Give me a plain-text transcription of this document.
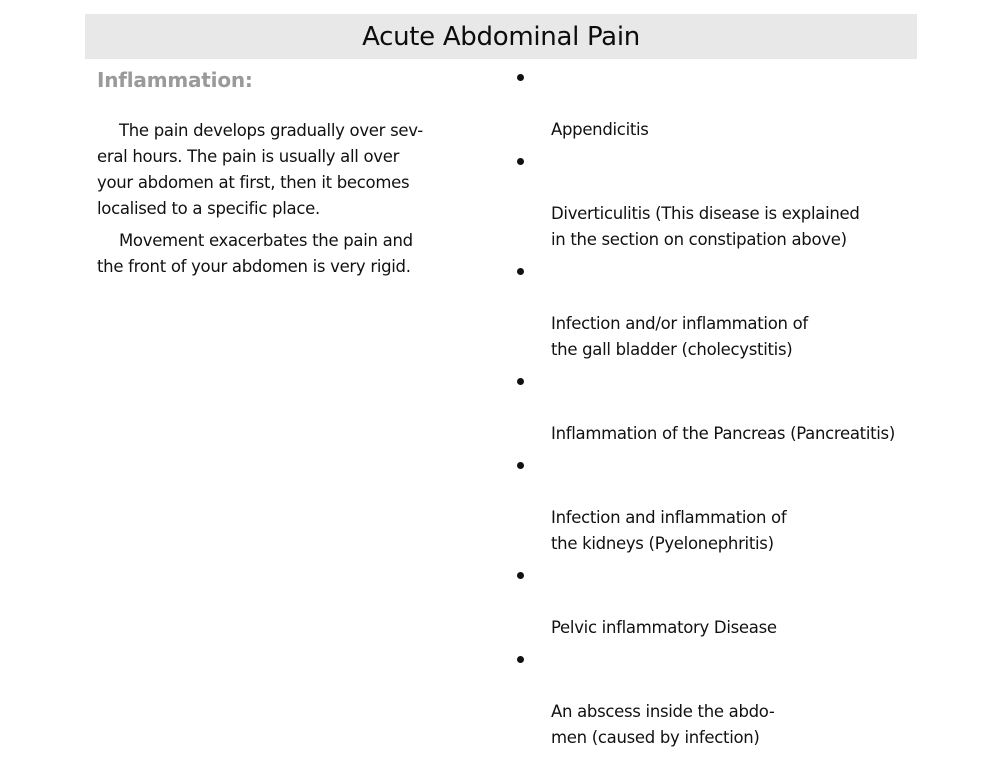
Acute Abdominal Pain
Inflammation:

The pain develops gradually over sev-
eral hours. The pain is usually all over
your abdomen at first, then it becomes
localised to a specific place.

Movement exacerbates the pain and
the front of your abdomen is very rigid.

Appendicitis

Diverticulitis (This disease is explained
in the section on constipation above)

Infection and/or inflammation of
the gall bladder (cholecystitis)

Inflammation of the Pancreas (Pancreatitis)

Infection and inflammation of
the kidneys (Pyelonephritis)

Pelvic inflammatory Disease

An abscess inside the abdo-
men (caused by infection)
